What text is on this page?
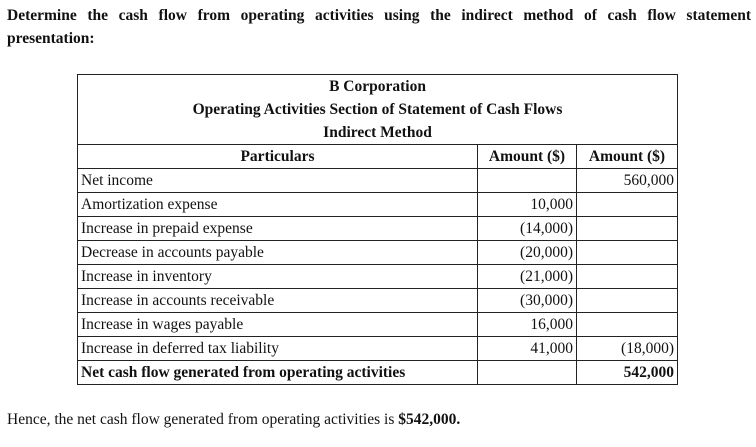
Determine the cash flow from operating activities using the indirect method of cash flow statement presentation:
B Corporation		
Operating Activities Section of Statement of Cash Flows		
Indirect Method		
Particulars	Amount ($)	Amount ($)
Net income		560,000
Amortization expense	10,000	
Increase in prepaid expense	(14,000)	
Decrease in accounts payable	(20,000)	
Increase in inventory	(21,000)	
Increase in accounts receivable	(30,000)	
Increase in wages payable	16,000	
Increase in deferred tax liability	41,000	(18,000)
Net cash flow generated from operating activities		542,000
Hence, the net cash flow generated from operating activities is $542,000.
